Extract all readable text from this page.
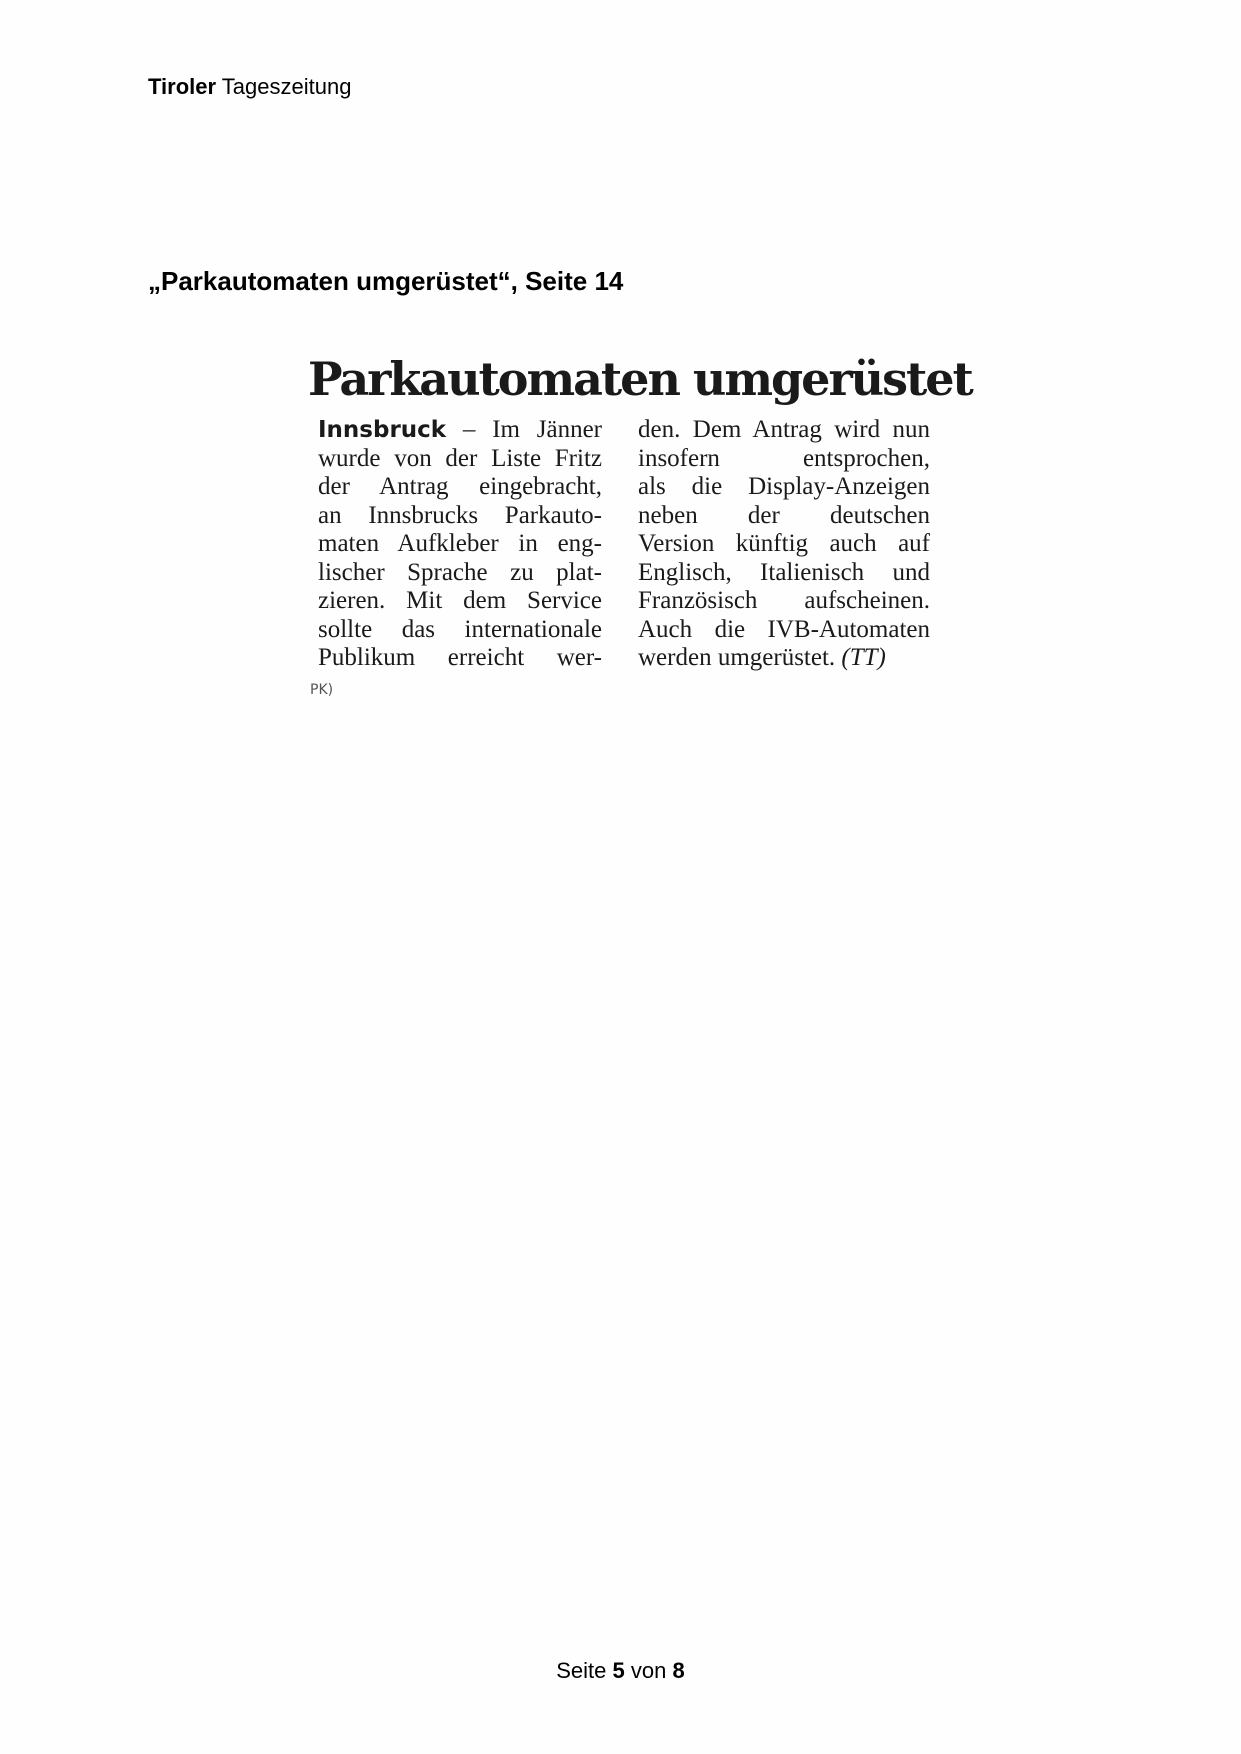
Tiroler Tageszeitung
„Parkautomaten umgerüstet“, Seite 14
Parkautomaten umgerüstet
Innsbruck – Im Jänner
wurde von der Liste Fritz
der Antrag eingebracht,
an Innsbrucks Parkauto-
maten Aufkleber in eng-
lischer Sprache zu plat-
zieren. Mit dem Service
sollte das internationale
Publikum erreicht wer-
den. Dem Antrag wird nun
insofern entsprochen,
als die Display-Anzeigen
neben der deutschen
Version künftig auch auf
Englisch, Italienisch und
Französisch aufscheinen.
Auch die IVB-Automaten
werden umgerüstet. (TT)
PK)
Seite 5 von 8
